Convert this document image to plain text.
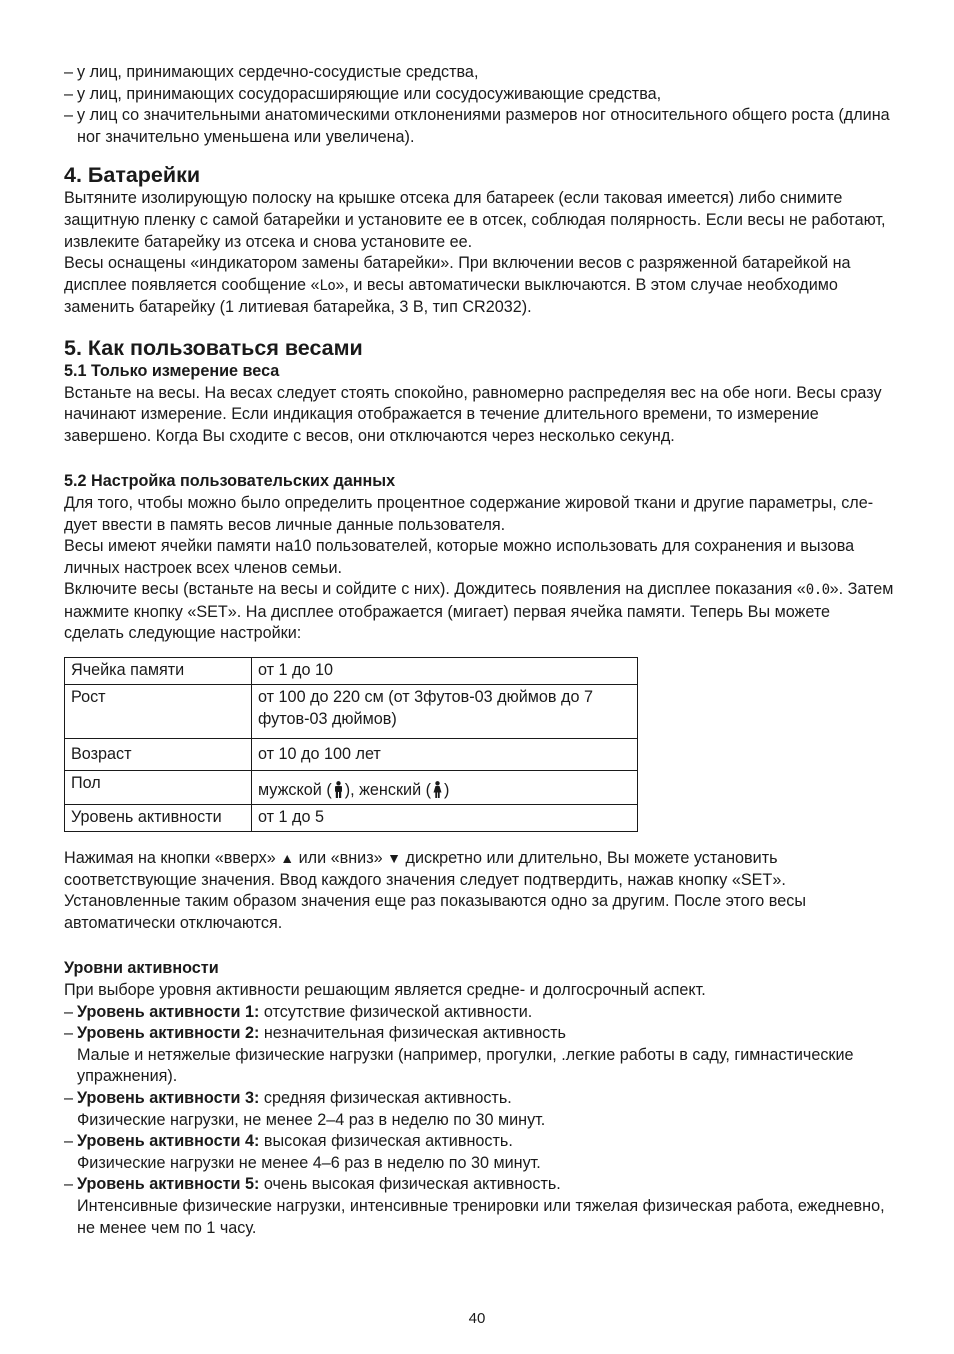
– у лиц, принимающих сердечно-сосудистые средства,

– у лиц, принимающих сосудорасширяющие или сосудосуживающие средства,

– у лиц со значительными анатомическими отклонениями размеров ног относительного общего роста (длина ног значительно уменьшена или увеличена).

4. Батарейки

Вытяните изолирующую полоску на крышке отсека для батареек (если таковая имеется) либо снимите защитную пленку с самой батарейки и установите ее в отсек, соблюдая полярность. Если весы не работают, извлеките батарейку из отсека и снова установите ее.

Весы оснащены «индикатором замены батарейки». При включении весов с разряженной батарейкой на дисплее появляется сообщение «Lo», и весы автоматически выключаются. В этом случае необходимо заменить батарейку (1 литиевая батарейка, 3 В, тип CR2032).

5. Как пользоваться весами
5.1 Только измерение веса

Встаньте на весы. На весах следует стоять спокойно, равномерно распределяя вес на обе ноги. Весы сразу начинают измерение. Если индикация отображается в течение длительного времени, то измерение завершено. Когда Вы сходите с весов, они отключаются через несколько секунд.

5.2 Настройка пользовательских данных

Для того, чтобы можно было определить процентное содержание жировой ткани и другие параметры, сле-дует ввести в память весов личные данные пользователя.

Весы имеют ячейки памяти на10 пользователей, которые можно использовать для сохранения и вызова личных настроек всех членов семьи.

Включите весы (встаньте на весы и сойдите с них). Дождитесь появления на дисплее показания «0.0». Затем нажмите кнопку «SET». На дисплее отображается (мигает) первая ячейка памяти. Теперь Вы можете сделать следующие настройки:

Ячейка памяти	от 1 до 10
Рост	от 100 до 220 см (от 3футов-03 дюймов до 7 футов-03 дюймов)
Возраст	от 10 до 100 лет
Пол	мужской ( ), женский ( )
Уровень активности	от 1 до 5

Нажимая на кнопки «вверх» ▲ или «вниз» ▼ дискретно или длительно, Вы можете установить соответствующие значения. Ввод каждого значения следует подтвердить, нажав кнопку «SET». Установленные таким образом значения еще раз показываются одно за другим. После этого весы автоматически отключаются.

Уровни активности

При выборе уровня активности решающим является средне- и долгосрочный аспект.

– Уровень активности 1: отсутствие физической активности.
– Уровень активности 2: незначительная физическая активность
Малые и нетяжелые физические нагрузки (например, прогулки, .легкие работы в саду, гимнастические упражнения).
– Уровень активности 3: средняя физическая активность.
Физические нагрузки, не менее 2–4 раз в неделю по 30 минут.
– Уровень активности 4: высокая физическая активность.
Физические нагрузки не менее 4–6 раз в неделю по 30 минут.
– Уровень активности 5: очень высокая физическая активность.
Интенсивные физические нагрузки, интенсивные тренировки или тяжелая физическая работа, ежедневно, не менее чем по 1 часу.
40
